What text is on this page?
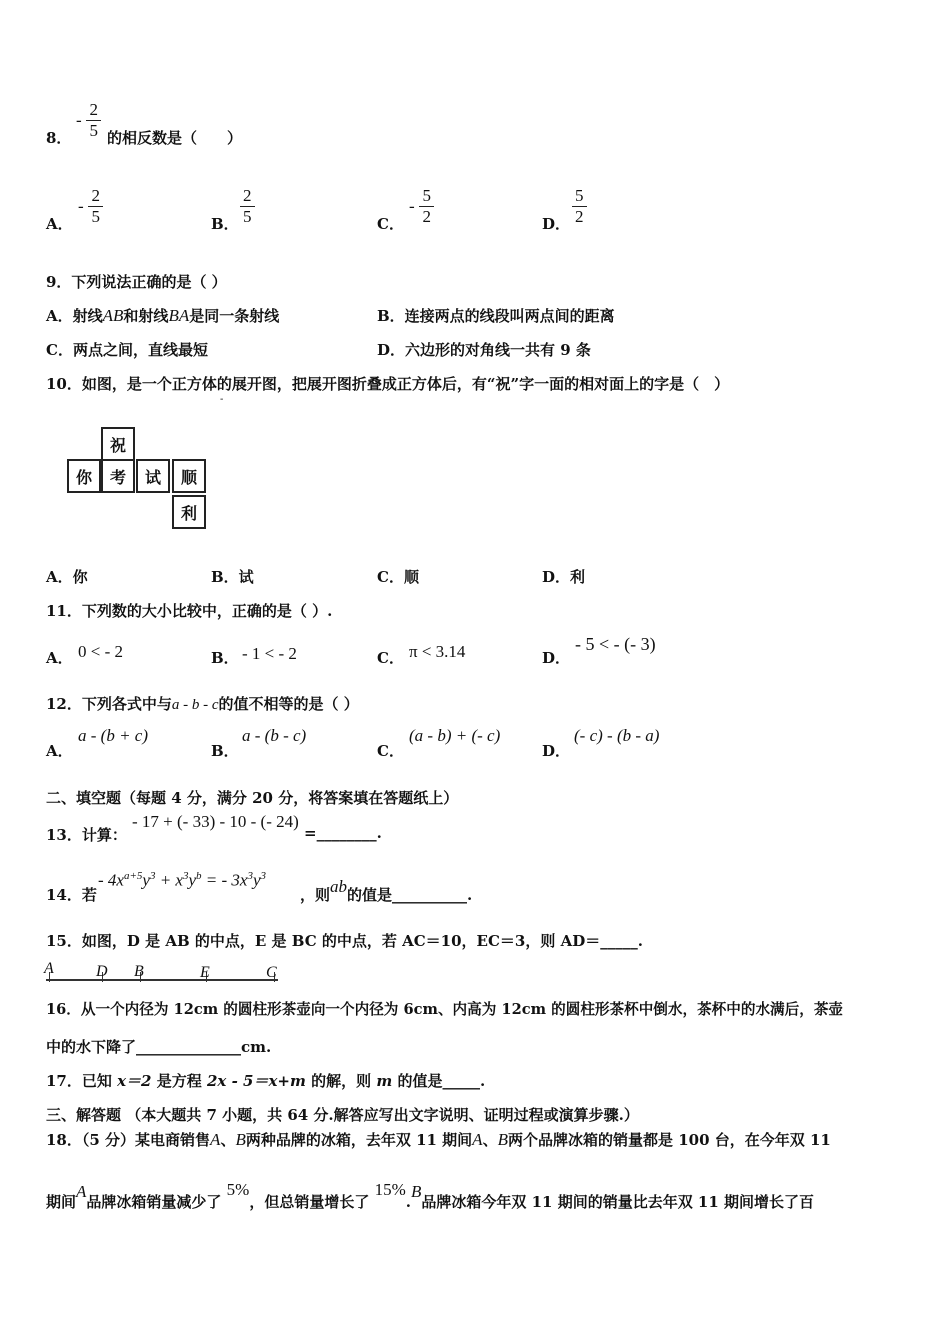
8．
- $\frac{2}{5}$ 的相反数是（　　）
A．
- $\frac{2}{5}$	B． $\frac{2}{5}$	C．
- $\frac{5}{2}$	D． $\frac{5}{2}$
9．下列说法正确的是（ ）
A．射线AB和射线BA是同一条射线	B．连接两点的线段叫两点间的距离
C．两点之间，直线最短	D．六边形的对角线一共有 9 条
10．如图，是一个正方体的展开图，把展开图折叠成正方体后，有“祝”字一面的相对面上的字是（　）
-
祝
你	考	试	顺
利
A．你	B．试	C．顺	D．利
11．下列数的大小比较中，正确的是（ ）.
A． 0 < - 2	B． - 1 < - 2	C． π < 3.14	D．
- 5 < - (- 3)
12．下列各式中与a - b - c的值不相等的是（ ）
A．
a - (b + c)
B．
a - (b - c)
C．
(a - b) + (- c)
D．
(- c) - (b - a)
二、填空题（每题 4 分，满分 20 分，将答案填在答题纸上）
13．计算：
- 17 + (- 33) - 10 - (- 24)
=________.
14．若
- $4x^{a+5}y^3 + x^3y^b$ = - $3x^3y^3$
，则ab的值是__________.
15．如图，D 是 AB 的中点，E 是 BC 的中点，若 AC＝10，EC＝3，则 AD＝_____.
A	D B	E	C
16．从一个内径为 12cm 的圆柱形茶壶向一个内径为 6cm、内高为 12cm 的圆柱形茶杯中倒水，茶杯中的水满后，茶壶
中的水下降了______________cm.
17．已知 x＝2 是方程 2x - 5＝x+m 的解，则 m 的值是_____.
三、解答题 （本大题共 7 小题，共 64 分.解答应写出文字说明、证明过程或演算步骤.）
18．（5 分）某电商销售A、B两种品牌的冰箱，去年双 11 期间A、B两个品牌冰箱的销量都是 100 台，在今年双 11
期间A品牌冰箱销量减少了 5%，但总销量增长了 15%.B品牌冰箱今年双 11 期间的销量比去年双 11 期间增长了百
